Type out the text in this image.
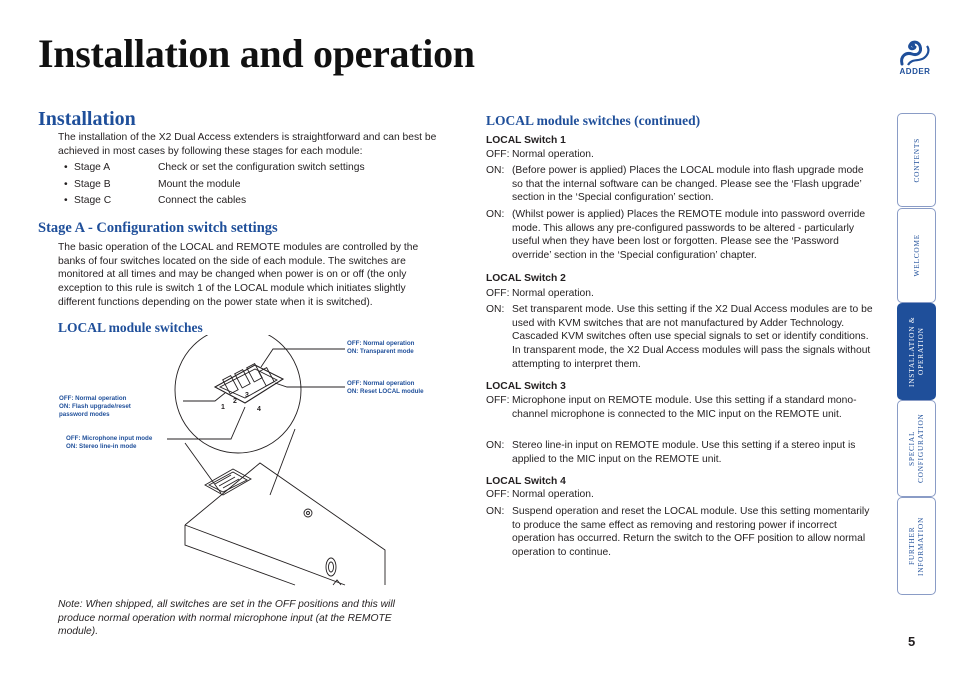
Installation and operation	ADDER
Installation

The installation of the X2 Dual Access extenders is straightforward and can best be achieved in most cases by following these stages for each module:

• Stage A	Check or set the configuration switch settings
• Stage B	Mount the module
• Stage C	Connect the cables
Stage A - Configuration switch settings

The basic operation of the LOCAL and REMOTE modules are controlled by the banks of four switches located on the side of each module. The switches are monitored at all times and may be changed when power is on or off (the only exception to this rule is switch 1 of the LOCAL module which initiates slightly different functions depending on the power state when it is switched).

LOCAL module switches
1
2
3
4
OFF: Normal operation
ON: Transparent mode
OFF: Normal operation
ON: Reset LOCAL module
OFF: Normal operation
ON: Flash upgrade/reset
password modes
OFF: Microphone input mode
ON: Stereo line-in mode

Note: When shipped, all switches are set in the OFF positions and this will produce normal operation with normal microphone input (at the REMOTE module).

LOCAL module switches (continued)
LOCAL Switch 1
OFF: Normal operation.
ON: (Before power is applied) Places the LOCAL module into flash upgrade mode so that the internal software can be changed. Please see the ‘Flash upgrade’ section in the ‘Special configuration’ section.
ON: (Whilst power is applied) Places the REMOTE module into password override mode. This allows any pre-configured passwords to be altered - particularly useful when they have been lost or forgotten. Please see the ‘Password override’ section in the ‘Special configuration’ chapter.
LOCAL Switch 2
OFF: Normal operation.
ON: Set transparent mode. Use this setting if the X2 Dual Access modules are to be used with KVM switches that are not manufactured by Adder Technology. Cascaded KVM switches often use special signals to set or identify conditions. In transparent mode, the X2 Dual Access modules will pass the signals without attempting to interpret them.
LOCAL Switch 3
OFF: Microphone input on REMOTE module. Use this setting if a standard mono-channel microphone is connected to the MIC input on the REMOTE unit.
ON: Stereo line-in input on REMOTE module. Use this setting if a stereo input is applied to the MIC input on the REMOTE unit.
LOCAL Switch 4
OFF: Normal operation.
ON: Suspend operation and reset the LOCAL module. Use this setting momentarily to produce the same effect as removing and restoring power if incorrect operation has occurred. Return the switch to the OFF position to allow normal operation to continue.
CONTENTS
WELCOME
INSTALLATION & OPERATION
SPECIAL CONFIGURATION
FURTHER INFORMATION
5
